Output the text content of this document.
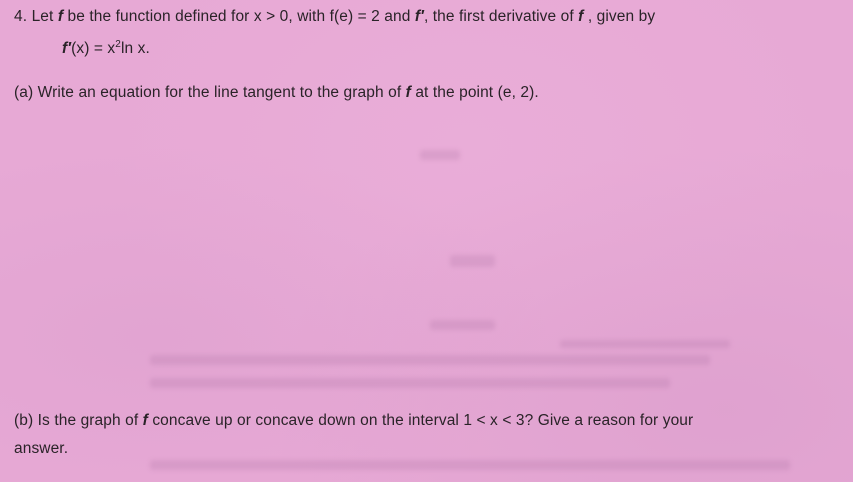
4. Let f be the function defined for x > 0, with f(e) = 2 and f′, the first derivative of f , given by
$f'(x) = x^2\ln$ x.
(a) Write an equation for the line tangent to the graph of f at the point (e, 2).
(b) Is the graph of f concave up or concave down on the interval 1 < x < 3? Give a reason for your
answer.
